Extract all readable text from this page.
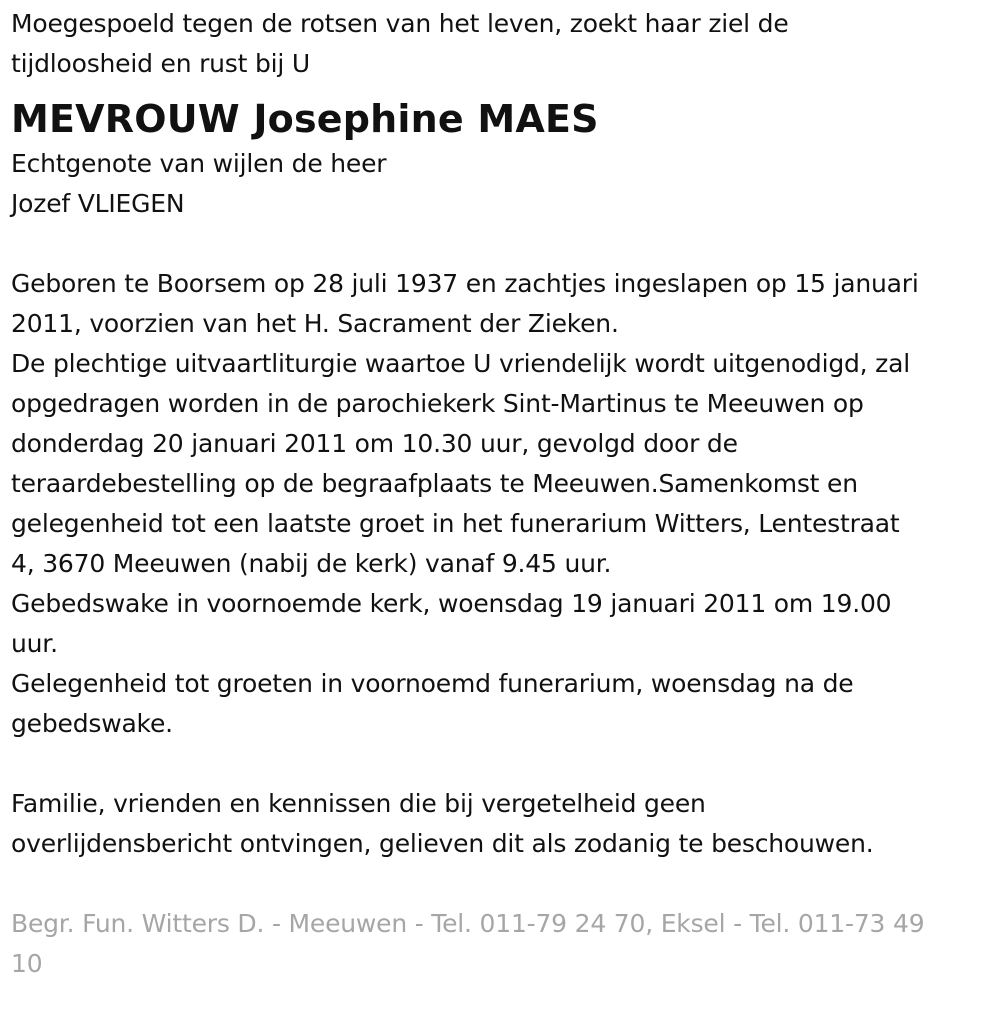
Moegespoeld tegen de rotsen van het leven, zoekt haar ziel de
tijdloosheid en rust bij U
MEVROUW Josephine MAES
Echtgenote van wijlen de heer
Jozef VLIEGEN
Geboren te Boorsem op 28 juli 1937 en zachtjes ingeslapen op 15 januari
2011, voorzien van het H. Sacrament der Zieken.
De plechtige uitvaartliturgie waartoe U vriendelijk wordt uitgenodigd, zal
opgedragen worden in de parochiekerk Sint-Martinus te Meeuwen op
donderdag 20 januari 2011 om 10.30 uur, gevolgd door de
teraardebestelling op de begraafplaats te Meeuwen.Samenkomst en
gelegenheid tot een laatste groet in het funerarium Witters, Lentestraat
4, 3670 Meeuwen (nabij de kerk) vanaf 9.45 uur.
Gebedswake in voornoemde kerk, woensdag 19 januari 2011 om 19.00
uur.
Gelegenheid tot groeten in voornoemd funerarium, woensdag na de
gebedswake.
Familie, vrienden en kennissen die bij vergetelheid geen
overlijdensbericht ontvingen, gelieven dit als zodanig te beschouwen.
Begr. Fun. Witters D. - Meeuwen - Tel. 011-79 24 70, Eksel - Tel. 011-73 49
10
